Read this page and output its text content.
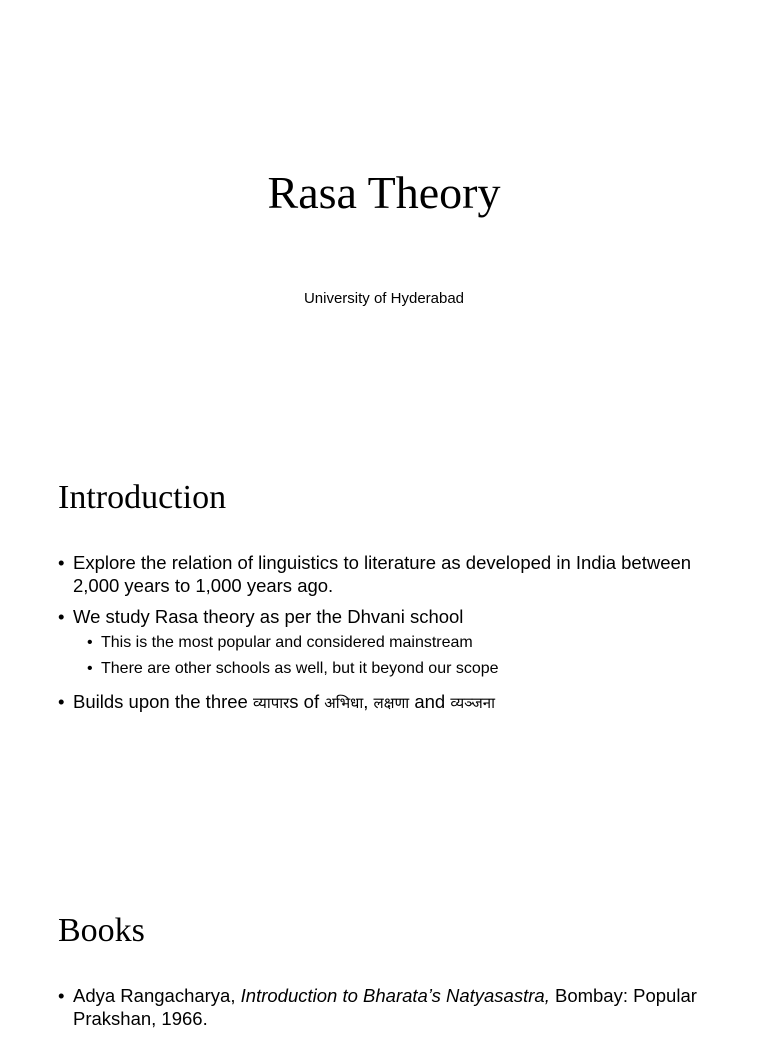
Rasa Theory
University of Hyderabad
Introduction
• Explore the relation of linguistics to literature as developed in India between 2,000 years to 1,000 years ago.
• We study Rasa theory as per the Dhvani school
• This is the most popular and considered mainstream
• There are other schools as well, but it beyond our scope
• Builds upon the three व्यापारs of अभिधा, लक्षणा and व्यञ्जना
Books
• Adya Rangacharya, Introduction to Bharata’s Natyasastra, Bombay: Popular Prakshan, 1966.
